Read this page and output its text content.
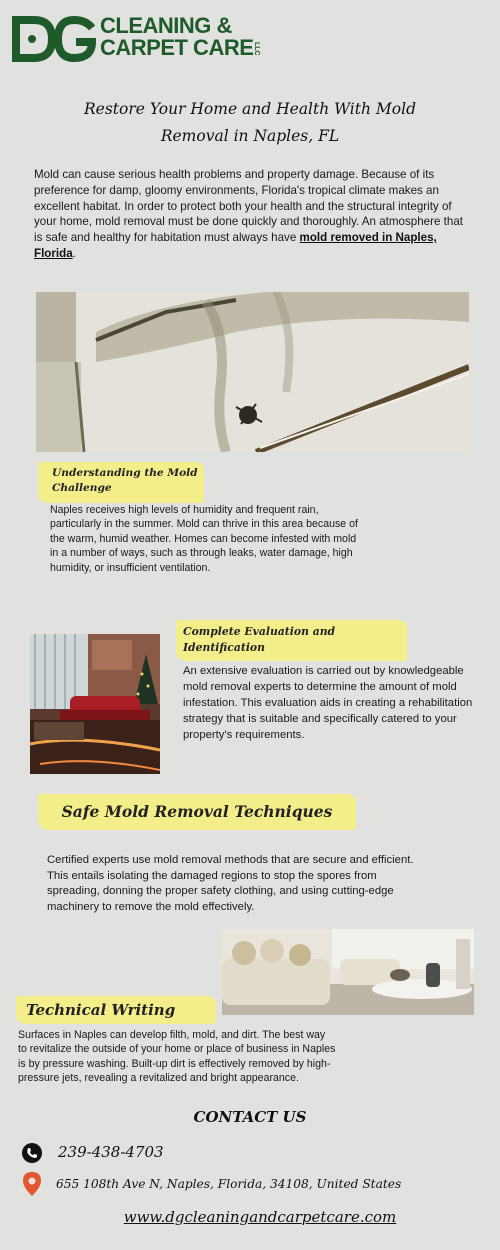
CLEANING &
CARPET CARE LLC
Restore Your Home and Health With Mold
Removal in Naples, FL
Mold can cause serious health problems and property damage. Because of its preference for damp, gloomy environments, Florida's tropical climate makes an excellent habitat. In order to protect both your health and the structural integrity of your home, mold removal must be done quickly and thoroughly. An atmosphere that is safe and healthy for habitation must always have mold removed in Naples, Florida.
Understanding the Mold
Challenge
Naples receives high levels of humidity and frequent rain, particularly in the summer. Mold can thrive in this area because of the warm, humid weather. Homes can become infested with mold in a number of ways, such as through leaks, water damage, high humidity, or insufficient ventilation.
Complete Evaluation and
Identification
An extensive evaluation is carried out by knowledgeable mold removal experts to determine the amount of mold infestation. This evaluation aids in creating a rehabilitation strategy that is suitable and specifically catered to your property's requirements.
Safe Mold Removal Techniques
Certified experts use mold removal methods that are secure and efficient. This entails isolating the damaged regions to stop the spores from spreading, donning the proper safety clothing, and using cutting-edge machinery to remove the mold effectively.
Technical Writing
Surfaces in Naples can develop filth, mold, and dirt. The best way to revitalize the outside of your home or place of business in Naples is by pressure washing. Built-up dirt is effectively removed by high-pressure jets, revealing a revitalized and bright appearance.
CONTACT US
239-438-4703
655 108th Ave N, Naples, Florida, 34108, United States
www.dgcleaningandcarpetcare.com
